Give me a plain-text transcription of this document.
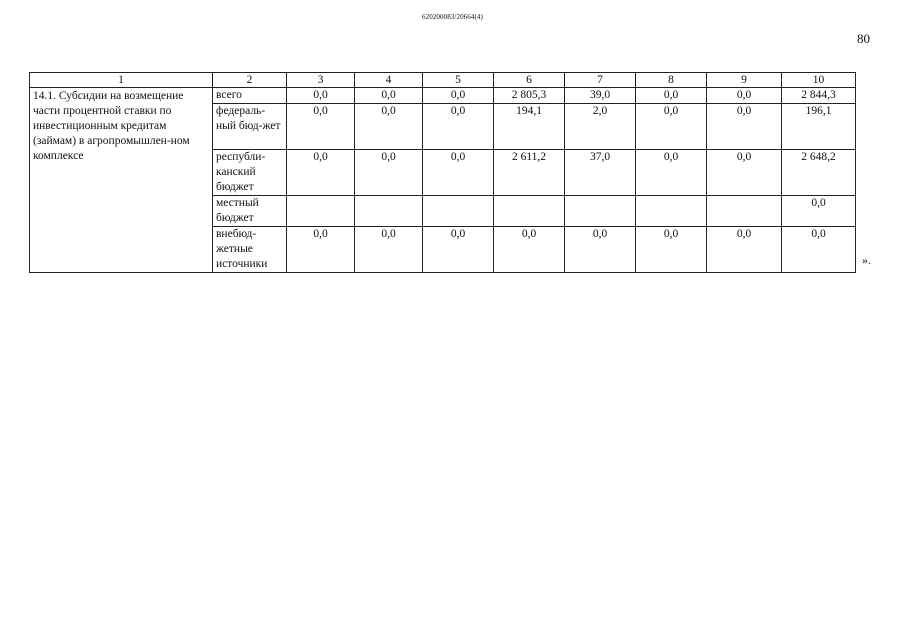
620200083/20664(4)
80
1	2	3	4	5	6	7	8	9	10
14.1. Субсидии на возмещение части процентной ставки по инвестиционным кредитам (займам) в агропромышлен-ном комплексе	всего	0,0	0,0	0,0	2 805,3	39,0	0,0	0,0	2 844,3
	федераль-ный бюд-жет	0,0	0,0	0,0	194,1	2,0	0,0	0,0	196,1
	республи-канский бюджет	0,0	0,0	0,0	2 611,2	37,0	0,0	0,0	2 648,2
	местный бюджет								0,0
	внебюд-жетные источники	0,0	0,0	0,0	0,0	0,0	0,0	0,0	0,0
».
